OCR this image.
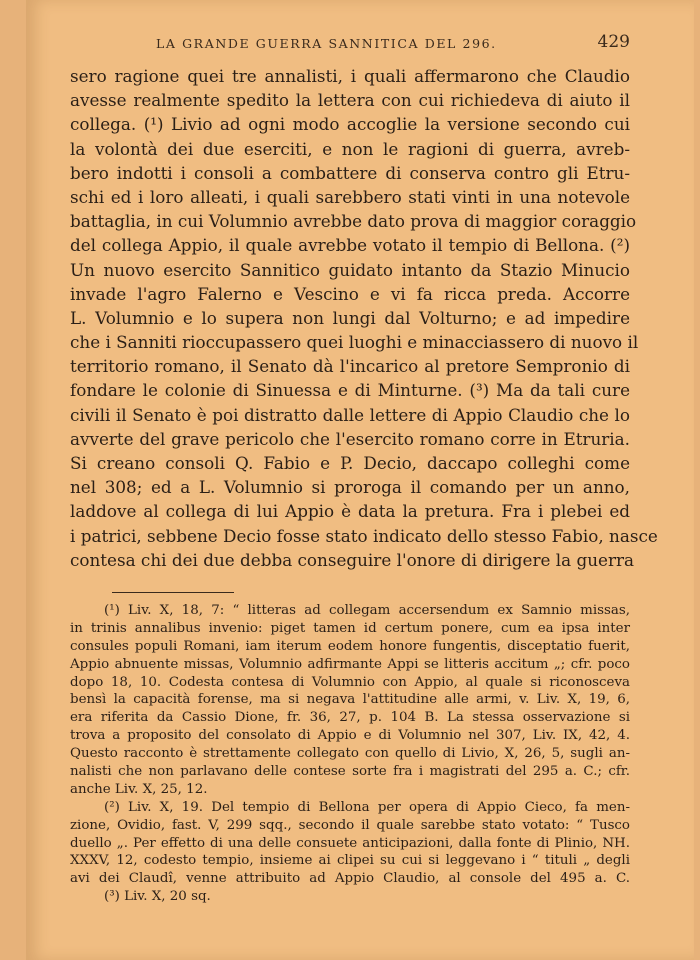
LA GRANDE GUERRA SANNITICA DEL 296.	429
sero ragione quei tre annalisti, i quali affermarono che Claudio
avesse realmente spedito la lettera con cui richiedeva di aiuto il
collega. (¹) Livio ad ogni modo accoglie la versione secondo cui
la volontà dei due eserciti, e non le ragioni di guerra, avreb-
bero indotti i consoli a combattere di conserva contro gli Etru-
schi ed i loro alleati, i quali sarebbero stati vinti in una notevole
battaglia, in cui Volumnio avrebbe dato prova di maggior coraggio
del collega Appio, il quale avrebbe votato il tempio di Bellona. (²)
Un nuovo esercito Sannitico guidato intanto da Stazio Minucio
invade l'agro Falerno e Vescino e vi fa ricca preda. Accorre
L. Volumnio e lo supera non lungi dal Volturno; e ad impedire
che i Sanniti rioccupassero quei luoghi e minacciassero di nuovo il
territorio romano, il Senato dà l'incarico al pretore Sempronio di
fondare le colonie di Sinuessa e di Minturne. (³) Ma da tali cure
civili il Senato è poi distratto dalle lettere di Appio Claudio che lo
avverte del grave pericolo che l'esercito romano corre in Etruria.
Si creano consoli Q. Fabio e P. Decio, daccapo colleghi come
nel 308; ed a L. Volumnio si proroga il comando per un anno,
laddove al collega di lui Appio è data la pretura. Fra i plebei ed
i patrici, sebbene Decio fosse stato indicato dello stesso Fabio, nasce
contesa chi dei due debba conseguire l'onore di dirigere la guerra
(¹) Liv. X, 18, 7: “ litteras ad collegam accersendum ex Samnio missas,
in trinis annalibus invenio: piget tamen id certum ponere, cum ea ipsa inter
consules populi Romani, iam iterum eodem honore fungentis, disceptatio fuerit,
Appio abnuente missas, Volumnio adfirmante Appi se litteris accitum „; cfr. poco
dopo 18, 10. Codesta contesa di Volumnio con Appio, al quale si riconosceva
bensì la capacità forense, ma si negava l'attitudine alle armi, v. Liv. X, 19, 6,
era riferita da Cassio Dione, fr. 36, 27, p. 104 B. La stessa osservazione si
trova a proposito del consolato di Appio e di Volumnio nel 307, Liv. IX, 42, 4.
Questo racconto è strettamente collegato con quello di Livio, X, 26, 5, sugli an-
nalisti che non parlavano delle contese sorte fra i magistrati del 295 a. C.; cfr.
anche Liv. X, 25, 12.
(²) Liv. X, 19. Del tempio di Bellona per opera di Appio Cieco, fa men-
zione, Ovidio, fast. V, 299 sqq., secondo il quale sarebbe stato votato: “ Tusco
duello „. Per effetto di una delle consuete anticipazioni, dalla fonte di Plinio, NH.
XXXV, 12, codesto tempio, insieme ai clipei su cui si leggevano i “ tituli „ degli
avi dei Claudî, venne attribuito ad Appio Claudio, al console del 495 a. C.
(³) Liv. X, 20 sq.
